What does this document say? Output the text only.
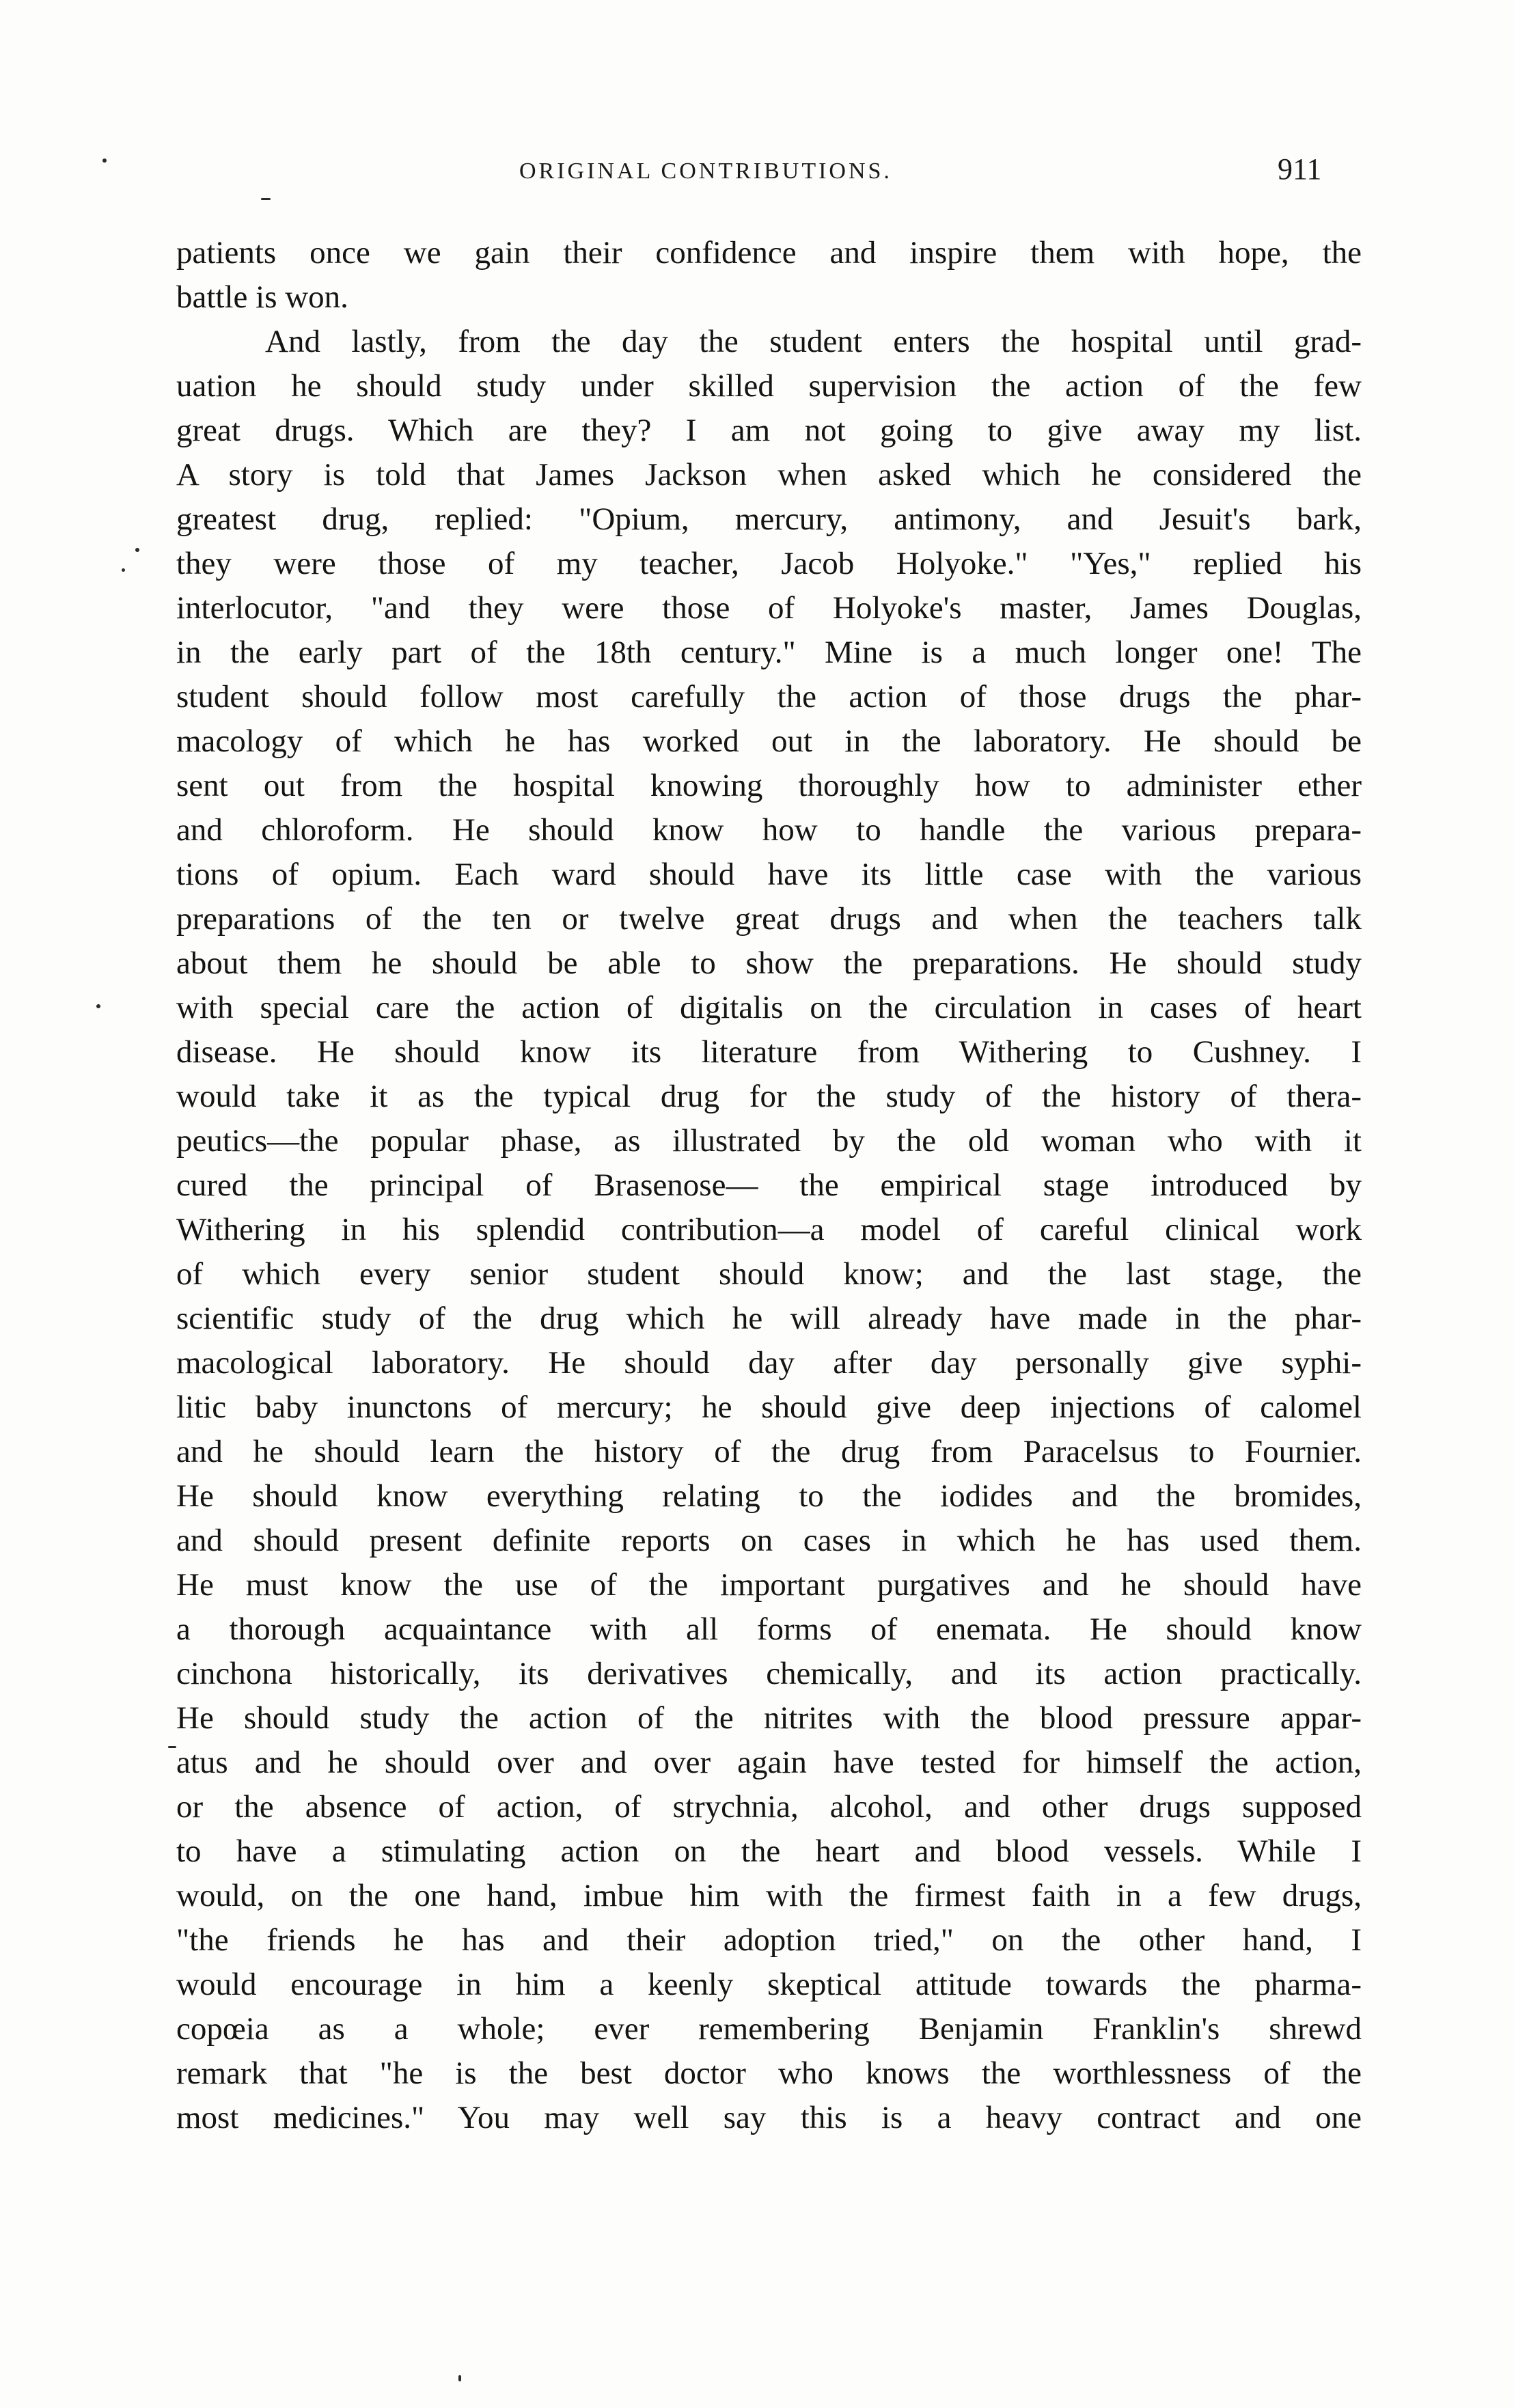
ORIGINAL CONTRIBUTIONS.	911
patients once we gain their confidence and inspire them with hope, the
battle is won.
And lastly, from the day the student enters the hospital until grad-
uation he should study under skilled supervision the action of the few
great drugs. Which are they? I am not going to give away my list.
A story is told that James Jackson when asked which he considered the
greatest drug, replied: "Opium, mercury, antimony, and Jesuit's bark,
they were those of my teacher, Jacob Holyoke." "Yes," replied his
interlocutor, "and they were those of Holyoke's master, James Douglas,
in the early part of the 18th century." Mine is a much longer one! The
student should follow most carefully the action of those drugs the phar-
macology of which he has worked out in the laboratory. He should be
sent out from the hospital knowing thoroughly how to administer ether
and chloroform. He should know how to handle the various prepara-
tions of opium. Each ward should have its little case with the various
preparations of the ten or twelve great drugs and when the teachers talk
about them he should be able to show the preparations. He should study
with special care the action of digitalis on the circulation in cases of heart
disease. He should know its literature from Withering to Cushney. I
would take it as the typical drug for the study of the history of thera-
peutics—the popular phase, as illustrated by the old woman who with it
cured the principal of Brasenose— the empirical stage introduced by
Withering in his splendid contribution—a model of careful clinical work
of which every senior student should know; and the last stage, the
scientific study of the drug which he will already have made in the phar-
macological laboratory. He should day after day personally give syphi-
litic baby inunctons of mercury; he should give deep injections of calomel
and he should learn the history of the drug from Paracelsus to Fournier.
He should know everything relating to the iodides and the bromides,
and should present definite reports on cases in which he has used them.
He must know the use of the important purgatives and he should have
a thorough acquaintance with all forms of enemata. He should know
cinchona historically, its derivatives chemically, and its action practically.
He should study the action of the nitrites with the blood pressure appar-
atus and he should over and over again have tested for himself the action,
or the absence of action, of strychnia, alcohol, and other drugs supposed
to have a stimulating action on the heart and blood vessels. While I
would, on the one hand, imbue him with the firmest faith in a few drugs,
"the friends he has and their adoption tried," on the other hand, I
would encourage in him a keenly skeptical attitude towards the pharma-
copœia as a whole; ever remembering Benjamin Franklin's shrewd
remark that "he is the best doctor who knows the worthlessness of the
most medicines." You may well say this is a heavy contract and one
